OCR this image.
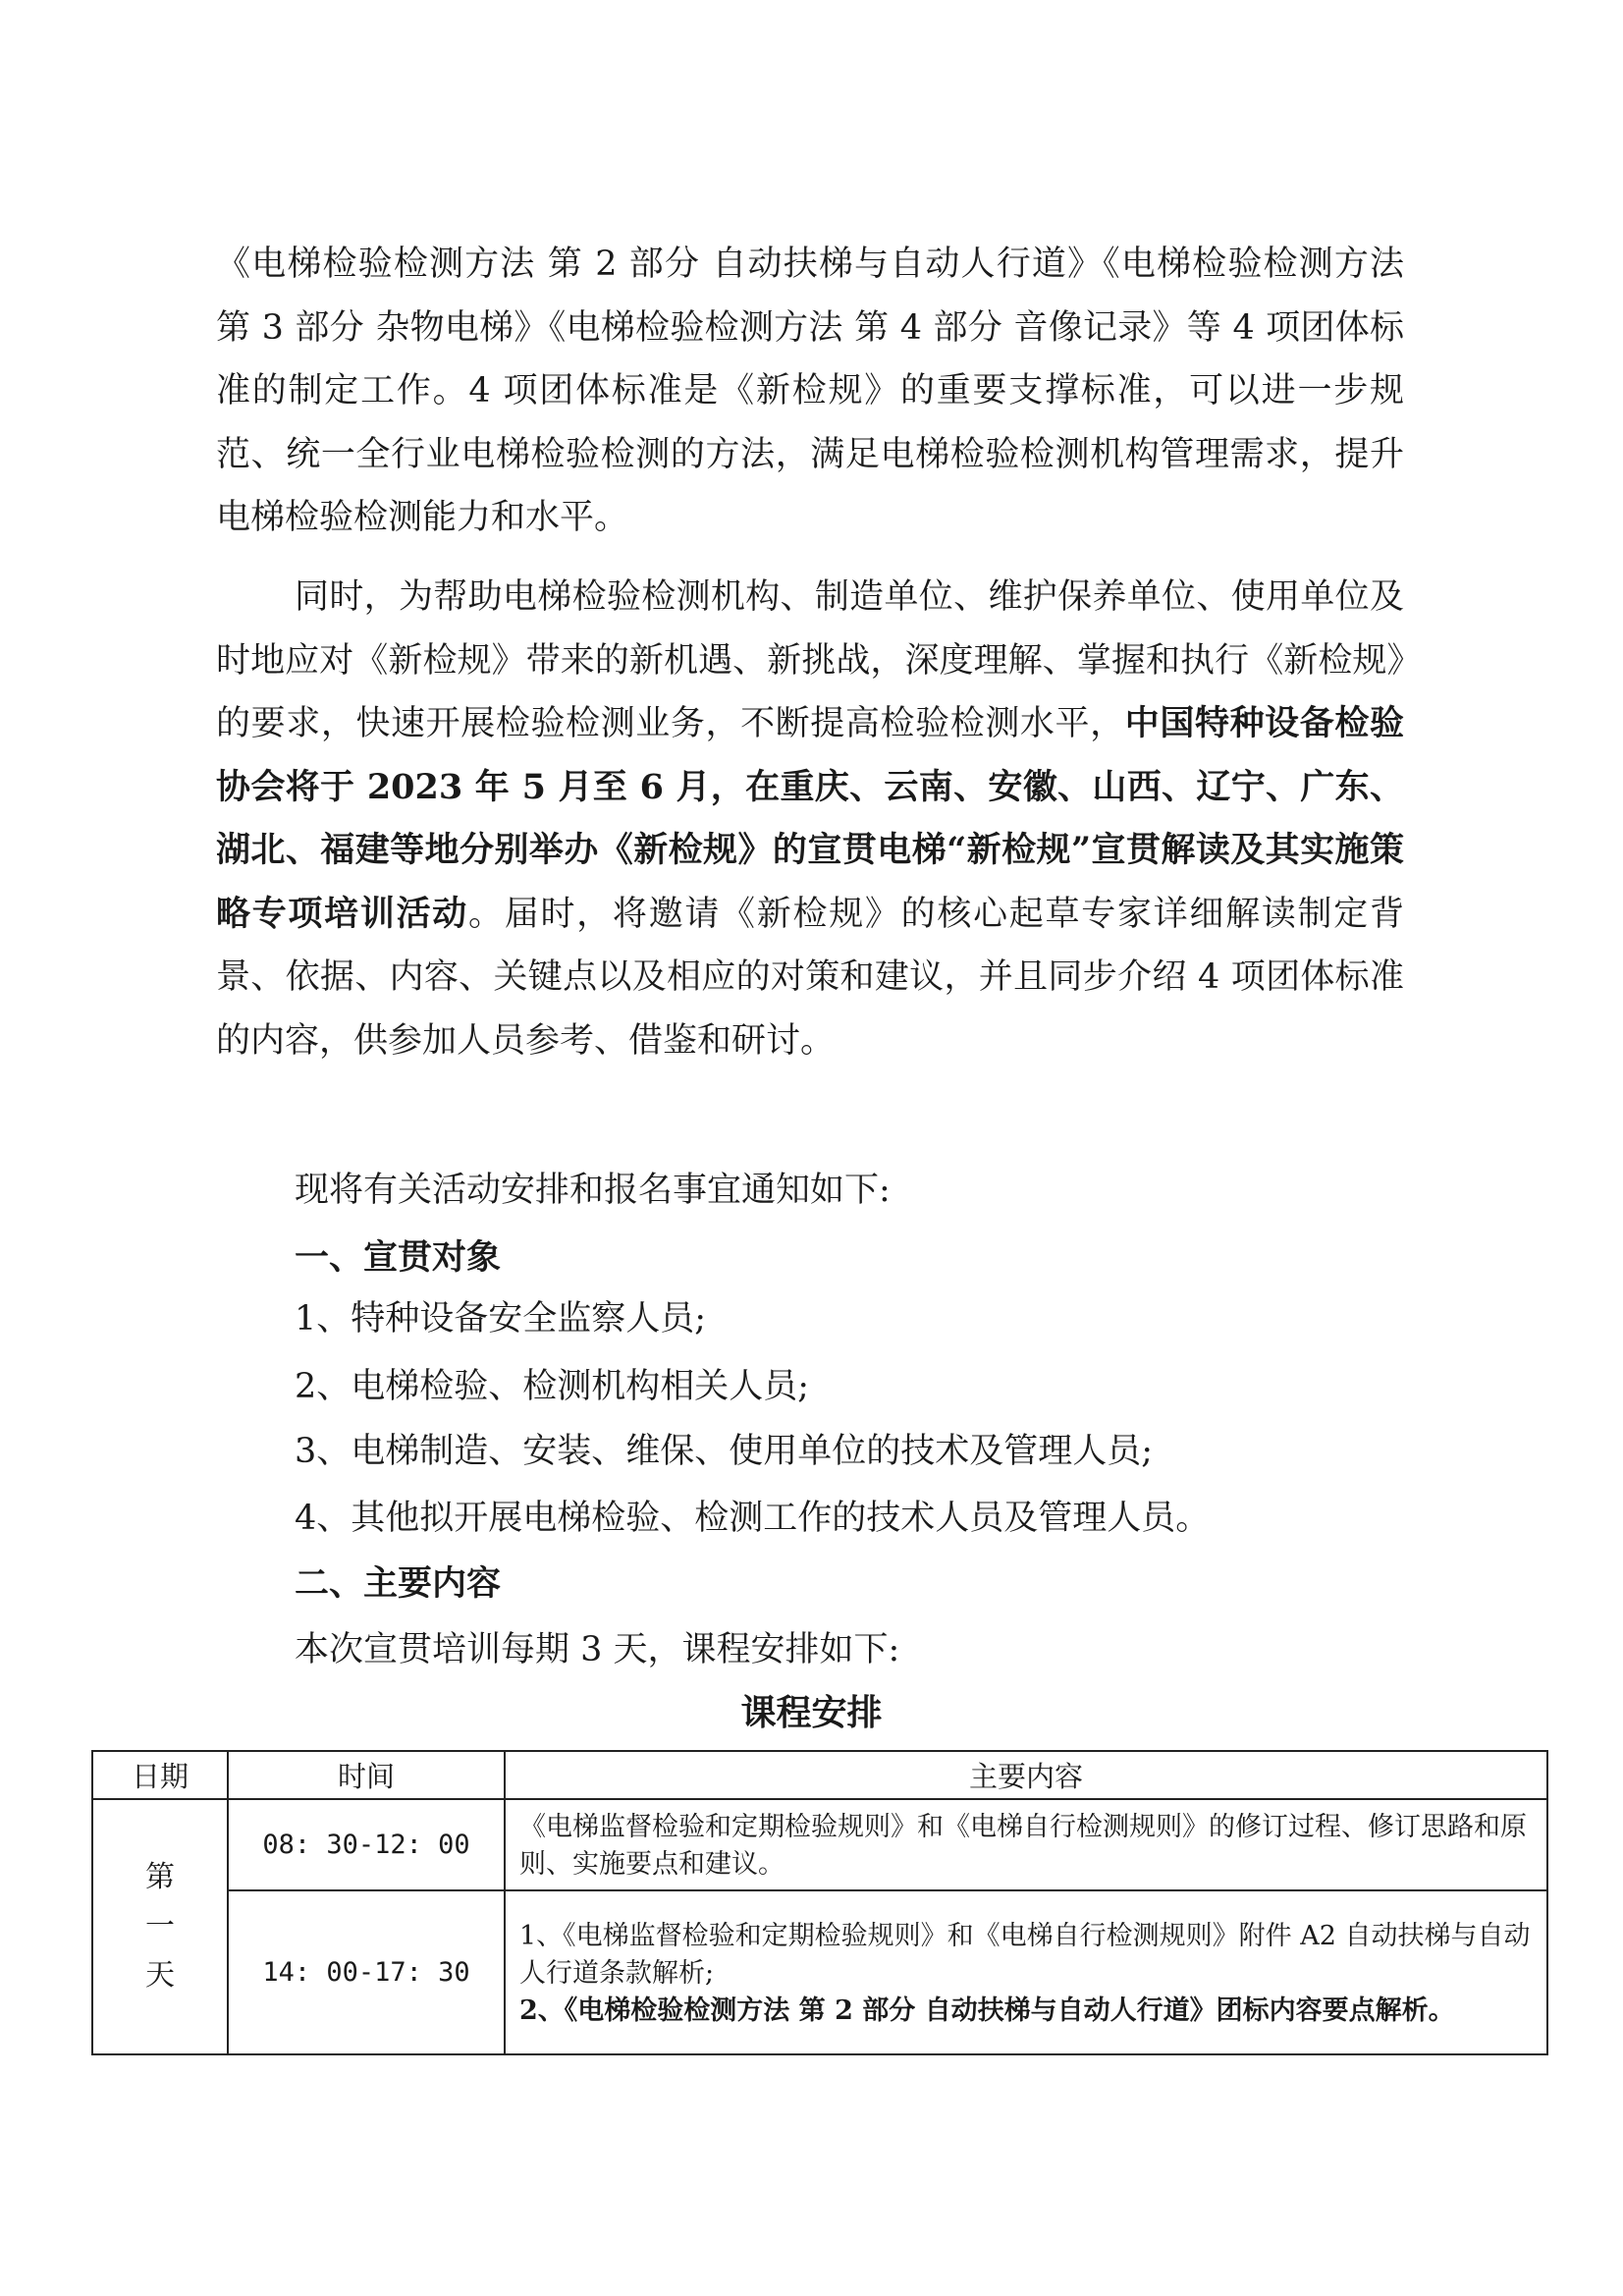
《电梯检验检测方法 第 2 部分 自动扶梯与自动人行道》《电梯检验检测方法 第 3 部分 杂物电梯》《电梯检验检测方法 第 4 部分 音像记录》等 4 项团体标准的制定工作。4 项团体标准是《新检规》的重要支撑标准，可以进一步规范、统一全行业电梯检验检测的方法，满足电梯检验检测机构管理需求，提升电梯检验检测能力和水平。

同时，为帮助电梯检验检测机构、制造单位、维护保养单位、使用单位及时地应对《新检规》带来的新机遇、新挑战，深度理解、掌握和执行《新检规》的要求，快速开展检验检测业务，不断提高检验检测水平，中国特种设备检验协会将于 2023 年 5 月至 6 月，在重庆、云南、安徽、山西、辽宁、广东、湖北、福建等地分别举办《新检规》的宣贯电梯“新检规”宣贯解读及其实施策略专项培训活动。届时，将邀请《新检规》的核心起草专家详细解读制定背景、依据、内容、关键点以及相应的对策和建议，并且同步介绍 4 项团体标准的内容，供参加人员参考、借鉴和研讨。

现将有关活动安排和报名事宜通知如下:

一、宣贯对象

1、特种设备安全监察人员;

2、电梯检验、检测机构相关人员;

3、电梯制造、安装、维保、使用单位的技术及管理人员;

4、其他拟开展电梯检验、检测工作的技术人员及管理人员。

二、主要内容

本次宣贯培训每期 3 天，课程安排如下:

课程安排

日期	时间	主要内容

第
一
天	08: 30-12: 00	《电梯监督检验和定期检验规则》和《电梯自行检测规则》的修订过程、修订思路和原则、实施要点和建议。

	14: 00-17: 30	1、《电梯监督检验和定期检验规则》和《电梯自行检测规则》附件 A2 自动扶梯与自动人行道条款解析;
2、《电梯检验检测方法 第 2 部分 自动扶梯与自动人行道》团标内容要点解析。
